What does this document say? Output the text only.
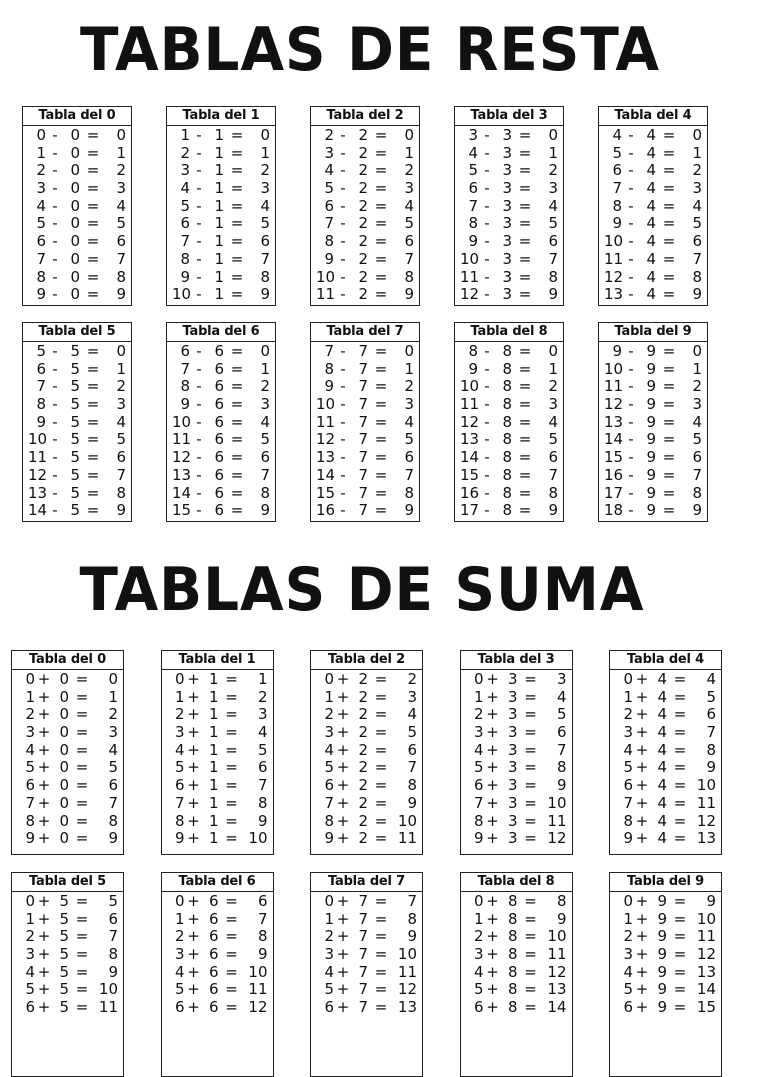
TABLAS DE RESTA
Tabla del 0
0 - 0 =	0
1 - 0 =	1
2 - 0 =	2
3 - 0 =	3
4 - 0 =	4
5 - 0 =	5
6 - 0 =	6
7 - 0 =	7
8 - 0 =	8
9 - 0 =	9
Tabla del 1
1 - 1 =	0
2 - 1 =	1
3 - 1 =	2
4 - 1 =	3
5 - 1 =	4
6 - 1 =	5
7 - 1 =	6
8 - 1 =	7
9 - 1 =	8
10 - 1 =	9
Tabla del 2
2 - 2 =	0
3 - 2 =	1
4 - 2 =	2
5 - 2 =	3
6 - 2 =	4
7 - 2 =	5
8 - 2 =	6
9 - 2 =	7
10 - 2 =	8
11 - 2 =	9
Tabla del 3
3 - 3 =	0
4 - 3 =	1
5 - 3 =	2
6 - 3 =	3
7 - 3 =	4
8 - 3 =	5
9 - 3 =	6
10 - 3 =	7
11 - 3 =	8
12 - 3 =	9
Tabla del 4
4 - 4 =	0
5 - 4 =	1
6 - 4 =	2
7 - 4 =	3
8 - 4 =	4
9 - 4 =	5
10 - 4 =	6
11 - 4 =	7
12 - 4 =	8
13 - 4 =	9
Tabla del 5
5 - 5 =	0
6 - 5 =	1
7 - 5 =	2
8 - 5 =	3
9 - 5 =	4
10 - 5 =	5
11 - 5 =	6
12 - 5 =	7
13 - 5 =	8
14 - 5 =	9
Tabla del 6
6 - 6 =	0
7 - 6 =	1
8 - 6 =	2
9 - 6 =	3
10 - 6 =	4
11 - 6 =	5
12 - 6 =	6
13 - 6 =	7
14 - 6 =	8
15 - 6 =	9
Tabla del 7
7 - 7 =	0
8 - 7 =	1
9 - 7 =	2
10 - 7 =	3
11 - 7 =	4
12 - 7 =	5
13 - 7 =	6
14 - 7 =	7
15 - 7 =	8
16 - 7 =	9
Tabla del 8
8 - 8 =	0
9 - 8 =	1
10 - 8 =	2
11 - 8 =	3
12 - 8 =	4
13 - 8 =	5
14 - 8 =	6
15 - 8 =	7
16 - 8 =	8
17 - 8 =	9
Tabla del 9
9 - 9 =	0
10 - 9 =	1
11 - 9 =	2
12 - 9 =	3
13 - 9 =	4
14 - 9 =	5
15 - 9 =	6
16 - 9 =	7
17 - 9 =	8
18 - 9 =	9
TABLAS DE SUMA
Tabla del 0
0 + 0 =	0
1 + 0 =	1
2 + 0 =	2
3 + 0 =	3
4 + 0 =	4
5 + 0 =	5
6 + 0 =	6
7 + 0 =	7
8 + 0 =	8
9 + 0 =	9
Tabla del 1
0 + 1 =	1
1 + 1 =	2
2 + 1 =	3
3 + 1 =	4
4 + 1 =	5
5 + 1 =	6
6 + 1 =	7
7 + 1 =	8
8 + 1 =	9
9 + 1 = 10
Tabla del 2
0 + 2 =	2
1 + 2 =	3
2 + 2 =	4
3 + 2 =	5
4 + 2 =	6
5 + 2 =	7
6 + 2 =	8
7 + 2 =	9
8 + 2 = 10
9 + 2 = 11
Tabla del 3
0 + 3 =	3
1 + 3 =	4
2 + 3 =	5
3 + 3 =	6
4 + 3 =	7
5 + 3 =	8
6 + 3 =	9
7 + 3 = 10
8 + 3 = 11
9 + 3 = 12
Tabla del 4
0 + 4 =	4
1 + 4 =	5
2 + 4 =	6
3 + 4 =	7
4 + 4 =	8
5 + 4 =	9
6 + 4 = 10
7 + 4 = 11
8 + 4 = 12
9 + 4 = 13
Tabla del 5
0 + 5 =	5
1 + 5 =	6
2 + 5 =	7
3 + 5 =	8
4 + 5 =	9
5 + 5 = 10
6 + 5 = 11
Tabla del 6
0 + 6 =	6
1 + 6 =	7
2 + 6 =	8
3 + 6 =	9
4 + 6 = 10
5 + 6 = 11
6 + 6 = 12
Tabla del 7
0 + 7 =	7
1 + 7 =	8
2 + 7 =	9
3 + 7 = 10
4 + 7 = 11
5 + 7 = 12
6 + 7 = 13
Tabla del 8
0 + 8 =	8
1 + 8 =	9
2 + 8 = 10
3 + 8 = 11
4 + 8 = 12
5 + 8 = 13
6 + 8 = 14
Tabla del 9
0 + 9 =	9
1 + 9 = 10
2 + 9 = 11
3 + 9 = 12
4 + 9 = 13
5 + 9 = 14
6 + 9 = 15
